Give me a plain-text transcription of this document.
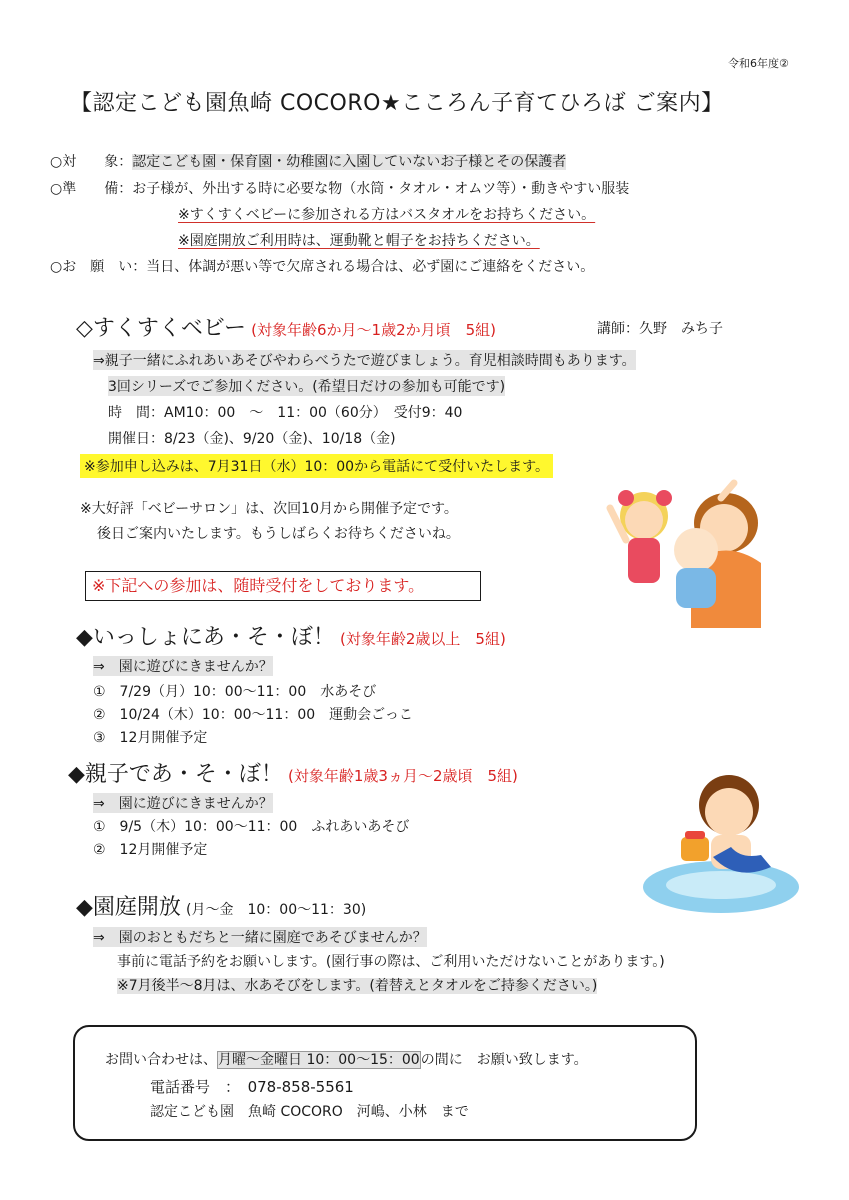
令和6年度②
【認定こども園魚崎 COCORO★こころん子育てひろば ご案内】
○対　　象：認定こども園・保育園・幼稚園に入園していないお子様とその保護者
○準　　備：お子様が、外出する時に必要な物（水筒・タオル・オムツ等）・動きやすい服装
※すくすくベビーに参加される方はバスタオルをお持ちください。
※園庭開放ご利用時は、運動靴と帽子をお持ちください。
○お　願　い：当日、体調が悪い等で欠席される場合は、必ず園にご連絡をください。
◇すくすくベビー (対象年齢6か月～1歳2か月頃　5組)	講師：久野　みち子
⇒親子一緒にふれあいあそびやわらべうたで遊びましょう。育児相談時間もあります。
3回シリーズでご参加ください。(希望日だけの参加も可能です)
時　間：AM10：00　～　11：00（60分）　受付9：40
開催日：8/23（金)、9/20（金)、10/18（金)
※参加申し込みは、7月31日（水）10：00から電話にて受付いたします。
※大好評「ベビーサロン」は、次回10月から開催予定です。
後日ご案内いたします。もうしばらくお待ちくださいね。
※下記への参加は、随時受付をしております。
◆いっしょにあ・そ・ぼ！ (対象年齢2歳以上　5組)
⇒　園に遊びにきませんか？
①　7/29（月）10：00～11：00　水あそび
②　10/24（木）10：00～11：00　運動会ごっこ
③　12月開催予定
◆親子であ・そ・ぼ！ (対象年齢1歳3ヵ月～2歳頃　5組)
⇒　園に遊びにきませんか？
①　9/5（木）10：00～11：00　ふれあいあそび
②　12月開催予定
◆園庭開放 (月～金　10：00～11：30)
⇒　園のおともだちと一緒に園庭であそびませんか？
事前に電話予約をお願いします。(園行事の際は、ご利用いただけないことがあります。)
※7月後半～8月は、水あそびをします。(着替えとタオルをご持参ください。)
お問い合わせは、月曜～金曜日 10：00～15：00の間に　お願い致します。
電話番号　 ：　 078-858-5561
認定こども園　魚崎 COCORO　河嶋、小林　まで
